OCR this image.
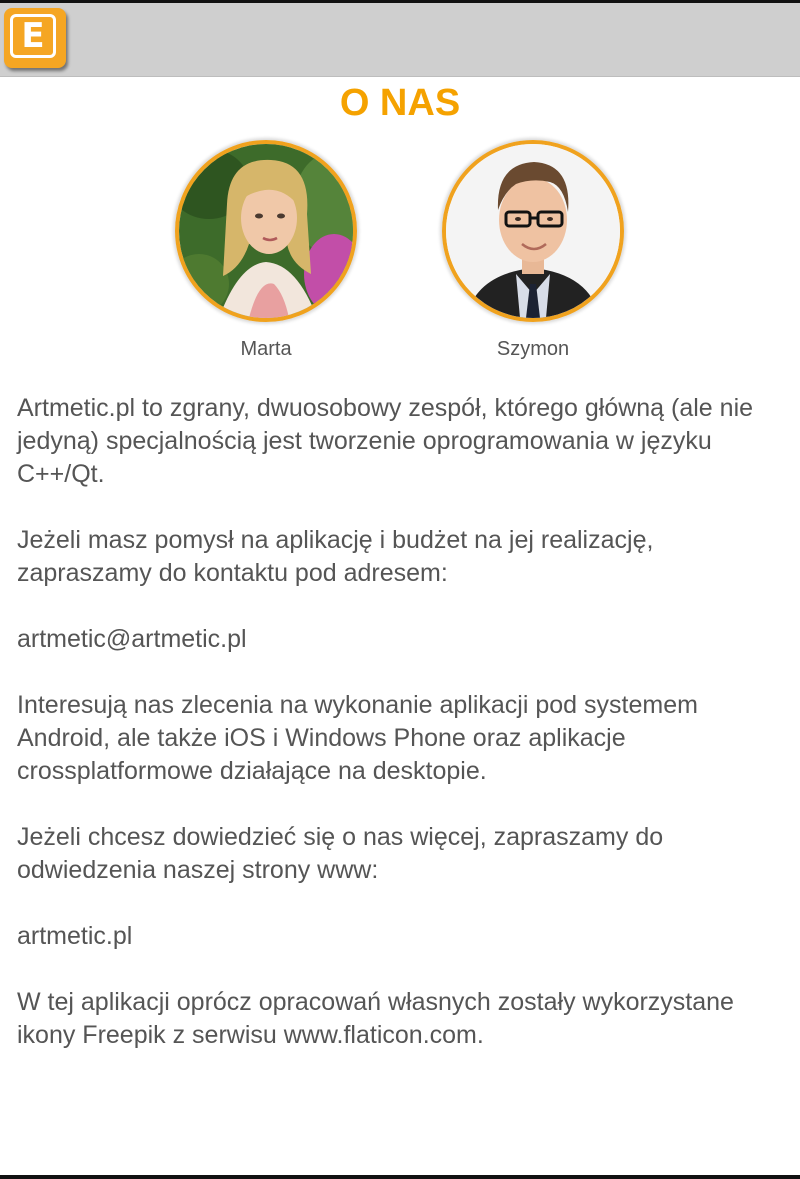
E
O NAS
Marta	Szymon

Artmetic.pl to zgrany, dwuosobowy zespół, którego główną (ale nie jedyną) specjalnością jest tworzenie oprogramowania w języku C++/Qt.

Jeżeli masz pomysł na aplikację i budżet na jej realizację, zapraszamy do kontaktu pod adresem:

artmetic@artmetic.pl

Interesują nas zlecenia na wykonanie aplikacji pod systemem Android, ale także iOS i Windows Phone oraz aplikacje crossplatformowe działające na desktopie.

Jeżeli chcesz dowiedzieć się o nas więcej, zapraszamy do odwiedzenia naszej strony www:

artmetic.pl

W tej aplikacji oprócz opracowań własnych zostały wykorzystane ikony Freepik z serwisu www.flaticon.com.
